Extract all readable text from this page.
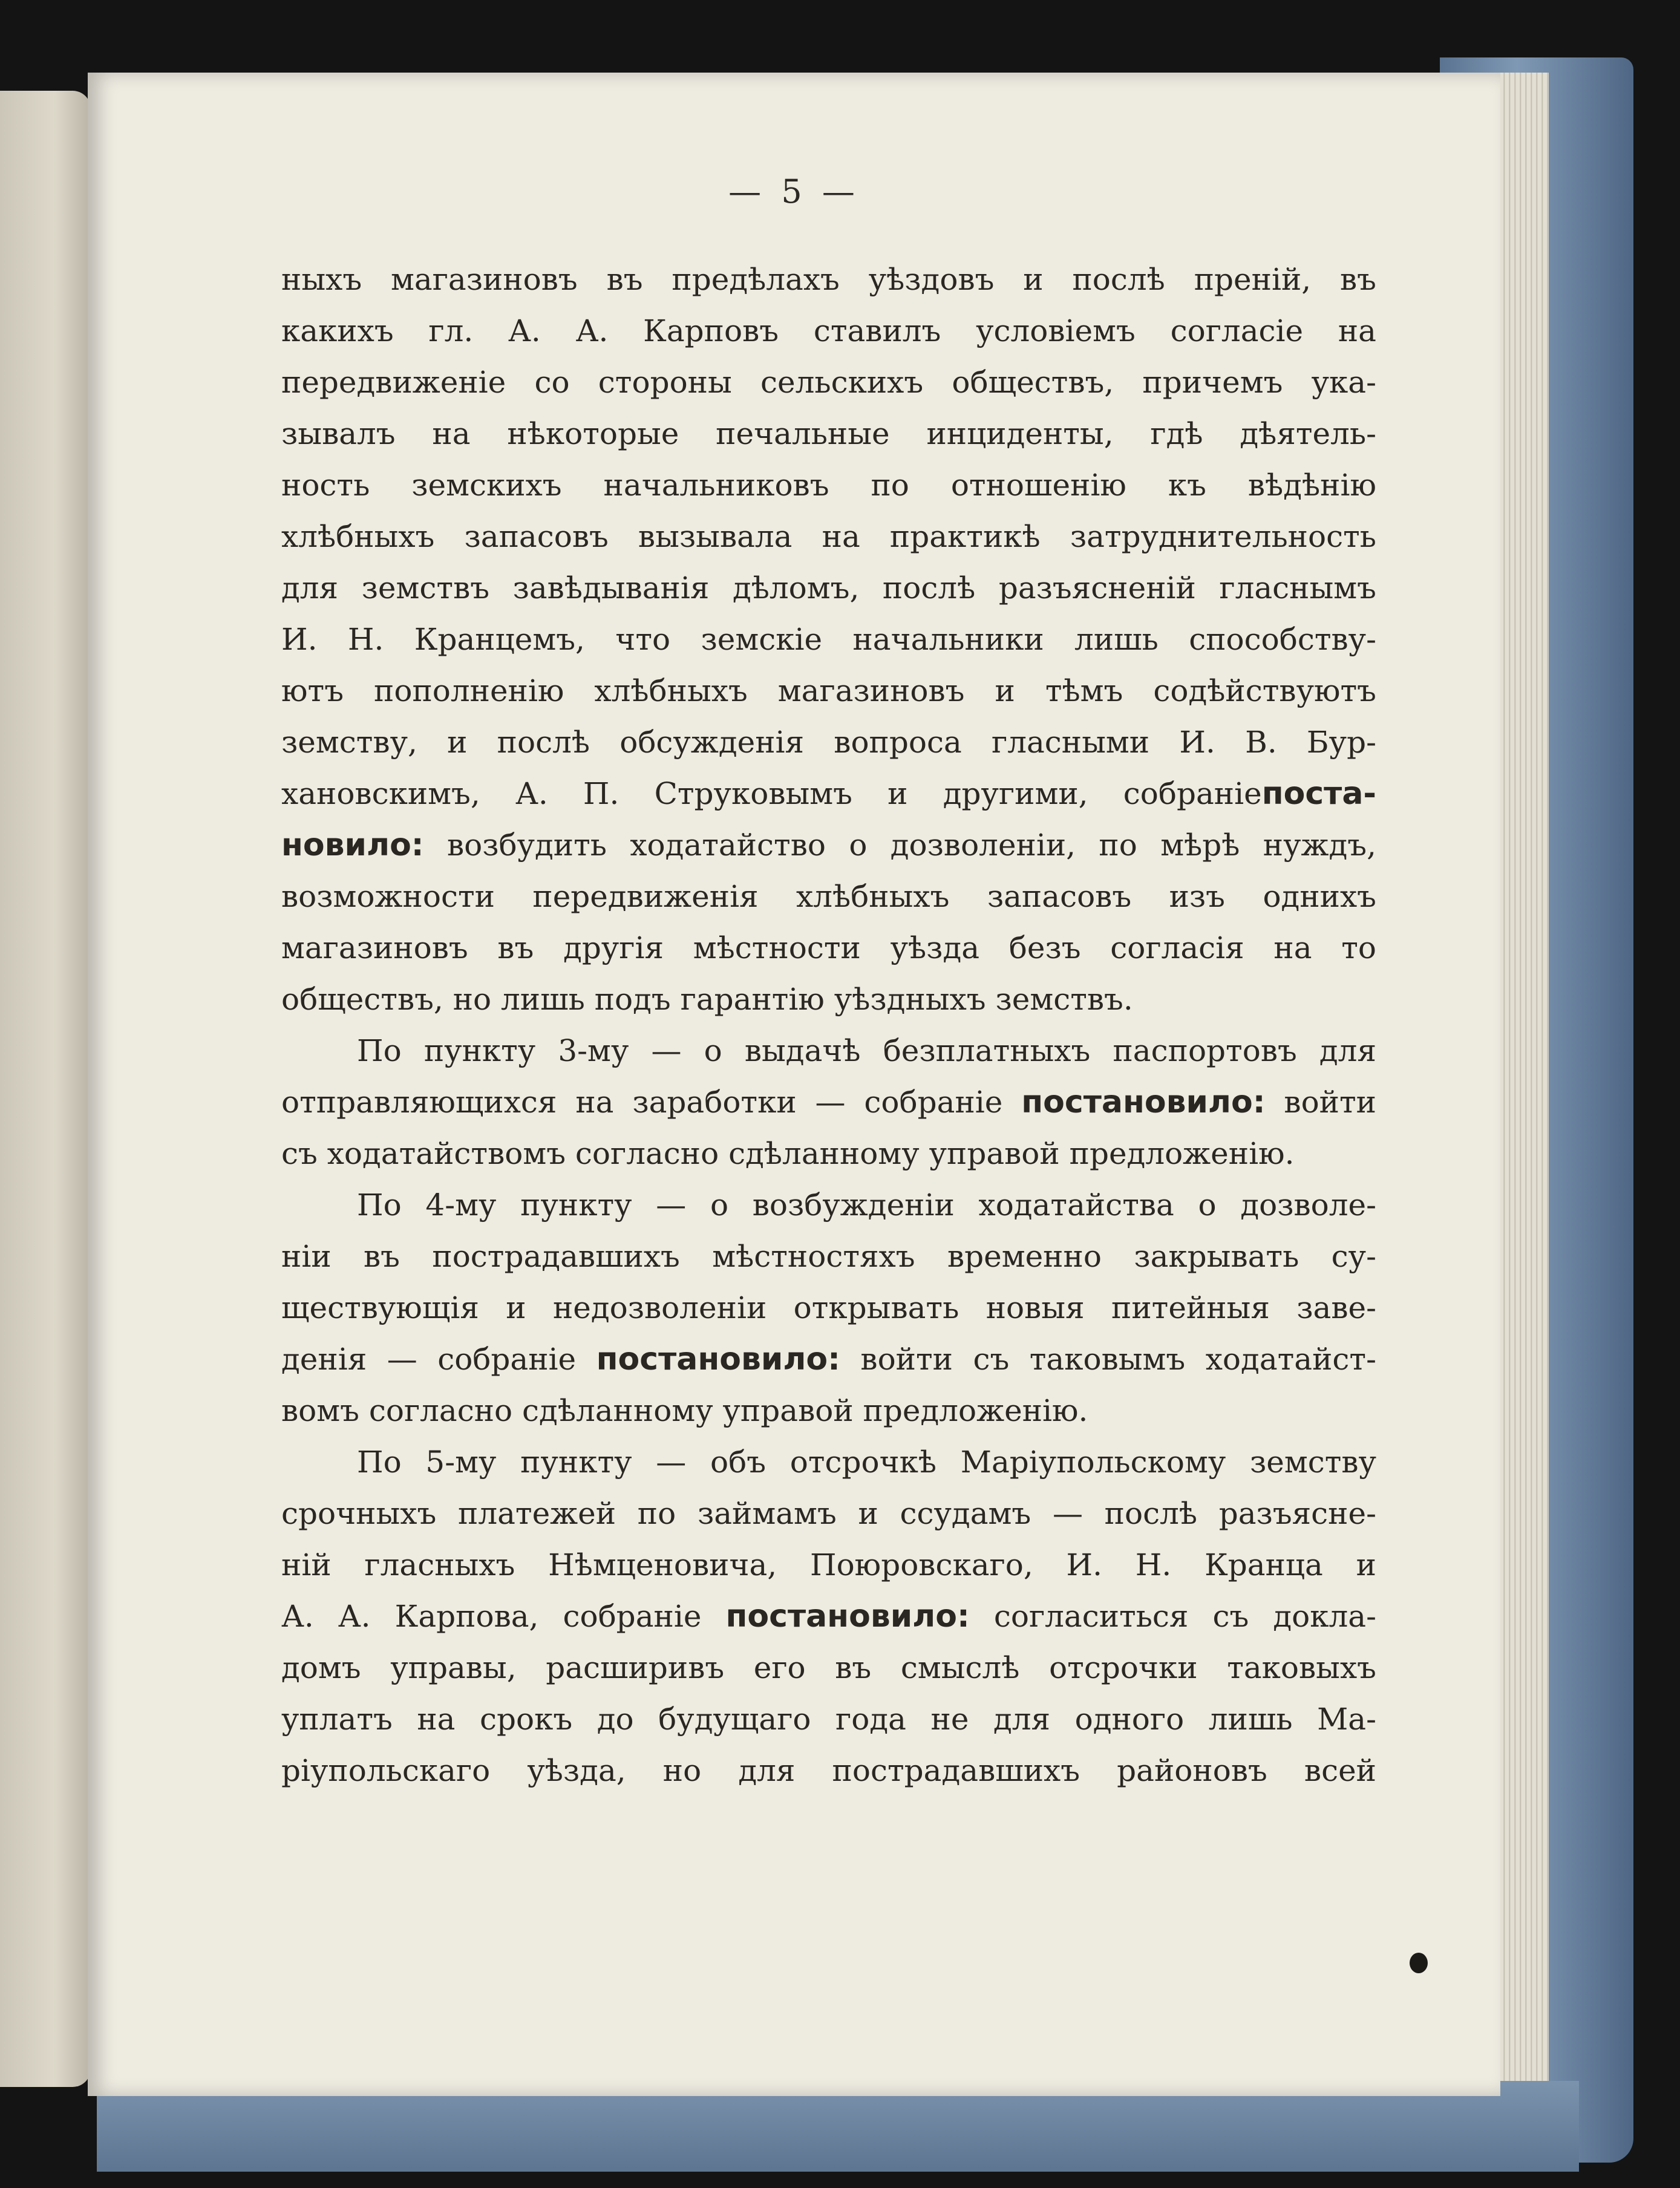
— 5 —
ныхъ магазиновъ въ предѣлахъ уѣздовъ и послѣ преній, въ
какихъ гл. А. А. Карповъ ставилъ условіемъ согласіе на
передвиженіе со стороны сельскихъ обществъ, причемъ ука-
зывалъ на нѣкоторые печальные инциденты, гдѣ дѣятель-
ность земскихъ начальниковъ по отношенію къ вѣдѣнію
хлѣбныхъ запасовъ вызывала на практикѣ затруднительность
для земствъ завѣдыванія дѣломъ, послѣ разъясненій гласнымъ
И. Н. Кранцемъ, что земскіе начальники лишь способству-
ютъ пополненію хлѣбныхъ магазиновъ и тѣмъ содѣйствуютъ
земству, и послѣ обсужденія вопроса гласными И. В. Бур-
хановскимъ, А. П. Струковымъ и другими, собраніепоста-
новило: возбудить ходатайство о дозволеніи, по мѣрѣ нуждъ,
возможности передвиженія хлѣбныхъ запасовъ изъ однихъ
магазиновъ въ другія мѣстности уѣзда безъ согласія на то
обществъ, но лишь подъ гарантію уѣздныхъ земствъ.
По пункту 3-му — о выдачѣ безплатныхъ паспортовъ для
отправляющихся на заработки — собраніе постановило: войти
съ ходатайствомъ согласно сдѣланному управой предложенію.
По 4-му пункту — о возбужденіи ходатайства о дозволе-
ніи въ пострадавшихъ мѣстностяхъ временно закрывать су-
ществующія и недозволеніи открывать новыя питейныя заве-
денія — собраніе постановило: войти съ таковымъ ходатайст-
вомъ согласно сдѣланному управой предложенію.
По 5-му пункту — объ отсрочкѣ Маріупольскому земству
срочныхъ платежей по займамъ и ссудамъ — послѣ разъясне-
ній гласныхъ Нѣмценовича, Поюровскаго, И. Н. Кранца и
А. А. Карпова, собраніе постановило: согласиться съ доклa-
домъ управы, расширивъ его въ смыслѣ отсрочки таковыхъ
уплатъ на срокъ до будущаго года не для одного лишь Ма-
ріупольскаго уѣзда, но для пострадавшихъ районовъ всей
